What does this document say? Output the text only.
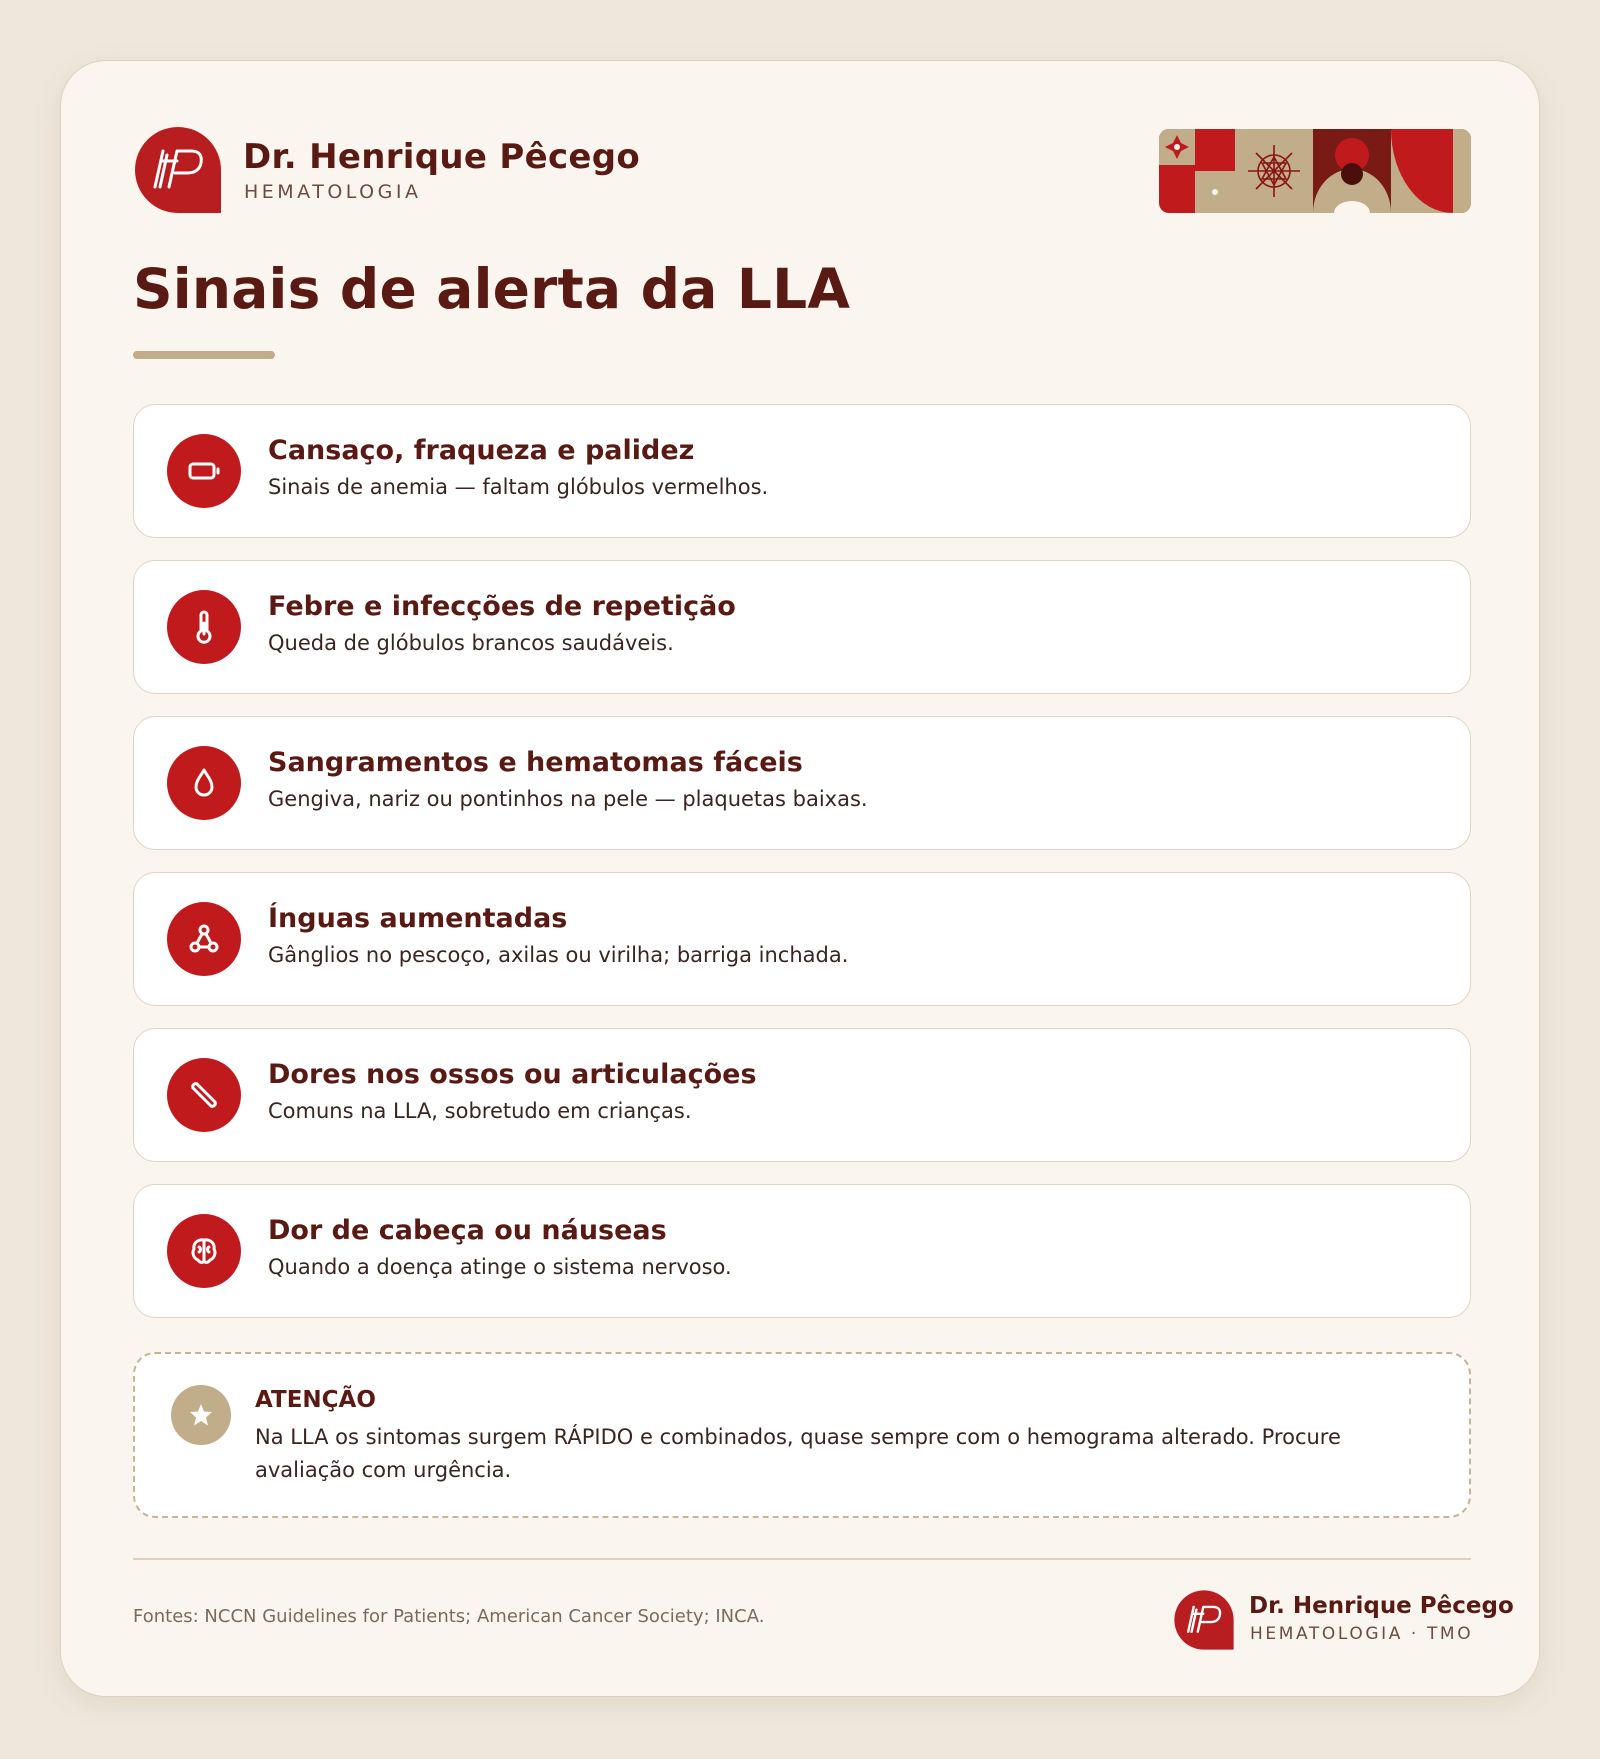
Dr. Henrique Pêcego
HEMATOLOGIA
Sinais de alerta da LLA
Cansaço, fraqueza e palidez
Sinais de anemia — faltam glóbulos vermelhos.
Febre e infecções de repetição
Queda de glóbulos brancos saudáveis.
Sangramentos e hematomas fáceis
Gengiva, nariz ou pontinhos na pele — plaquetas baixas.
Ínguas aumentadas
Gânglios no pescoço, axilas ou virilha; barriga inchada.
Dores nos ossos ou articulações
Comuns na LLA, sobretudo em crianças.
Dor de cabeça ou náuseas
Quando a doença atinge o sistema nervoso.
ATENÇÃO
Na LLA os sintomas surgem RÁPIDO e combinados, quase sempre com o hemograma alterado. Procure avaliação com urgência.
Fontes: NCCN Guidelines for Patients; American Cancer Society; INCA.	Dr. Henrique Pêcego
HEMATOLOGIA · TMO
